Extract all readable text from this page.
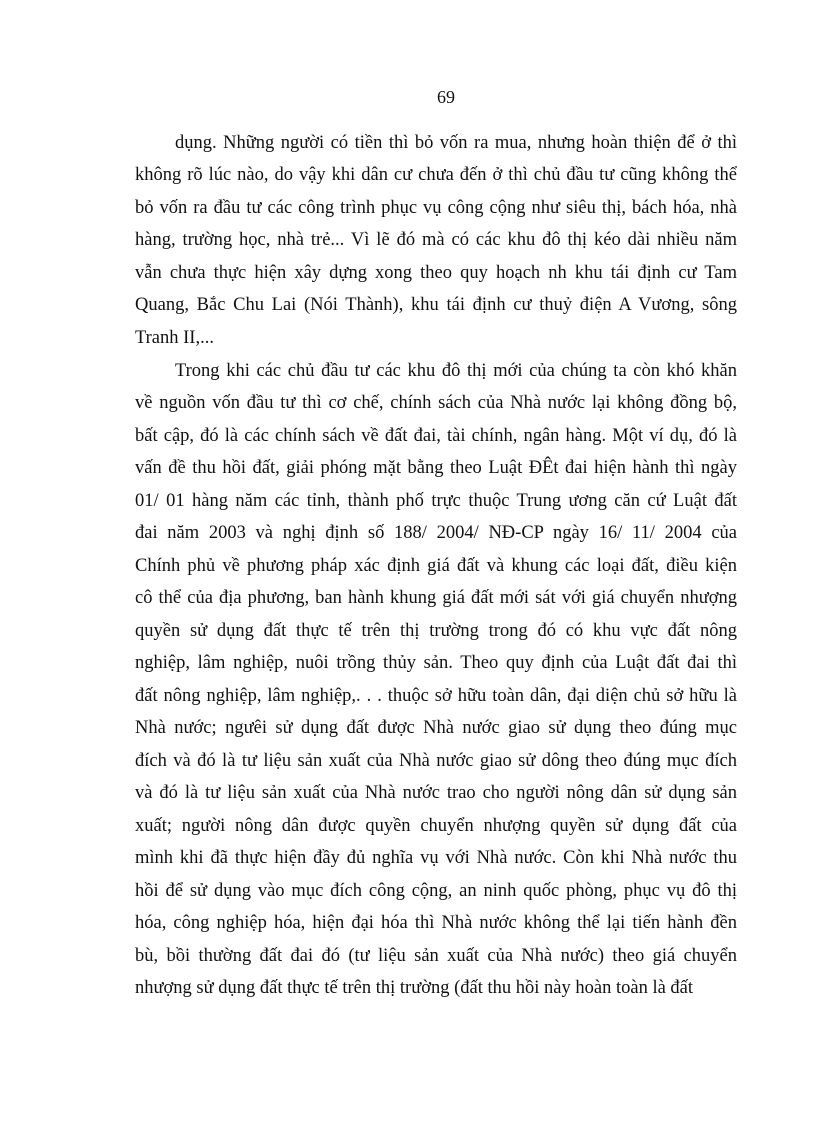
69
dụng. Những người có tiền thì bỏ vốn ra mua, nhưng hoàn thiện để ở thì
không rõ lúc nào, do vậy khi dân cư chưa đến ở thì chủ đầu tư cũng không thể
bỏ vốn ra đầu tư các công trình phục vụ công cộng như siêu thị, bách hóa, nhà
hàng, trường học, nhà trẻ... Vì lẽ đó mà có các khu đô thị kéo dài nhiều năm
vẫn chưa thực hiện xây dựng xong theo quy hoạch nh khu tái định cư Tam
Quang, Bắc Chu Lai (Nói Thành), khu tái định cư thuỷ điện A Vương, sông
Tranh II,...
Trong khi các chủ đầu tư các khu đô thị mới của chúng ta còn khó khăn
về nguồn vốn đầu tư thì cơ chế, chính sách của Nhà nước lại không đồng bộ,
bất cập, đó là các chính sách về đất đai, tài chính, ngân hàng. Một ví dụ, đó là
vấn đề thu hồi đất, giải phóng mặt bằng theo Luật ĐÊt đai hiện hành thì ngày
01/ 01 hàng năm các tỉnh, thành phố trực thuộc Trung ương căn cứ Luật đất
đai năm 2003 và nghị định số 188/ 2004/ NĐ-CP ngày 16/ 11/ 2004 của
Chính phủ về phương pháp xác định giá đất và khung các loại đất, điều kiện
cô thể của địa phương, ban hành khung giá đất mới sát với giá chuyển nhượng
quyền sử dụng đất thực tế trên thị trường trong đó có khu vực đất nông
nghiệp, lâm nghiệp, nuôi trồng thủy sản. Theo quy định của Luật đất đai thì
đất nông nghiệp, lâm nghiệp,. . . thuộc sở hữu toàn dân, đại diện chủ sở hữu là
Nhà nước; ngưêi sử dụng đất được Nhà nước giao sử dụng theo đúng mục
đích và đó là tư liệu sản xuất của Nhà nước giao sử dông theo đúng mục đích
và đó là tư liệu sản xuất của Nhà nước trao cho người nông dân sử dụng sản
xuất; người nông dân được quyền chuyển nhượng quyền sử dụng đất của
mình khi đã thực hiện đầy đủ nghĩa vụ với Nhà nước. Còn khi Nhà nước thu
hồi để sử dụng vào mục đích công cộng, an ninh quốc phòng, phục vụ đô thị
hóa, công nghiệp hóa, hiện đại hóa thì Nhà nước không thể lại tiến hành đền
bù, bồi thường đất đai đó (tư liệu sản xuất của Nhà nước) theo giá chuyển
nhượng sử dụng đất thực tế trên thị trường (đất thu hồi này hoàn toàn là đất
